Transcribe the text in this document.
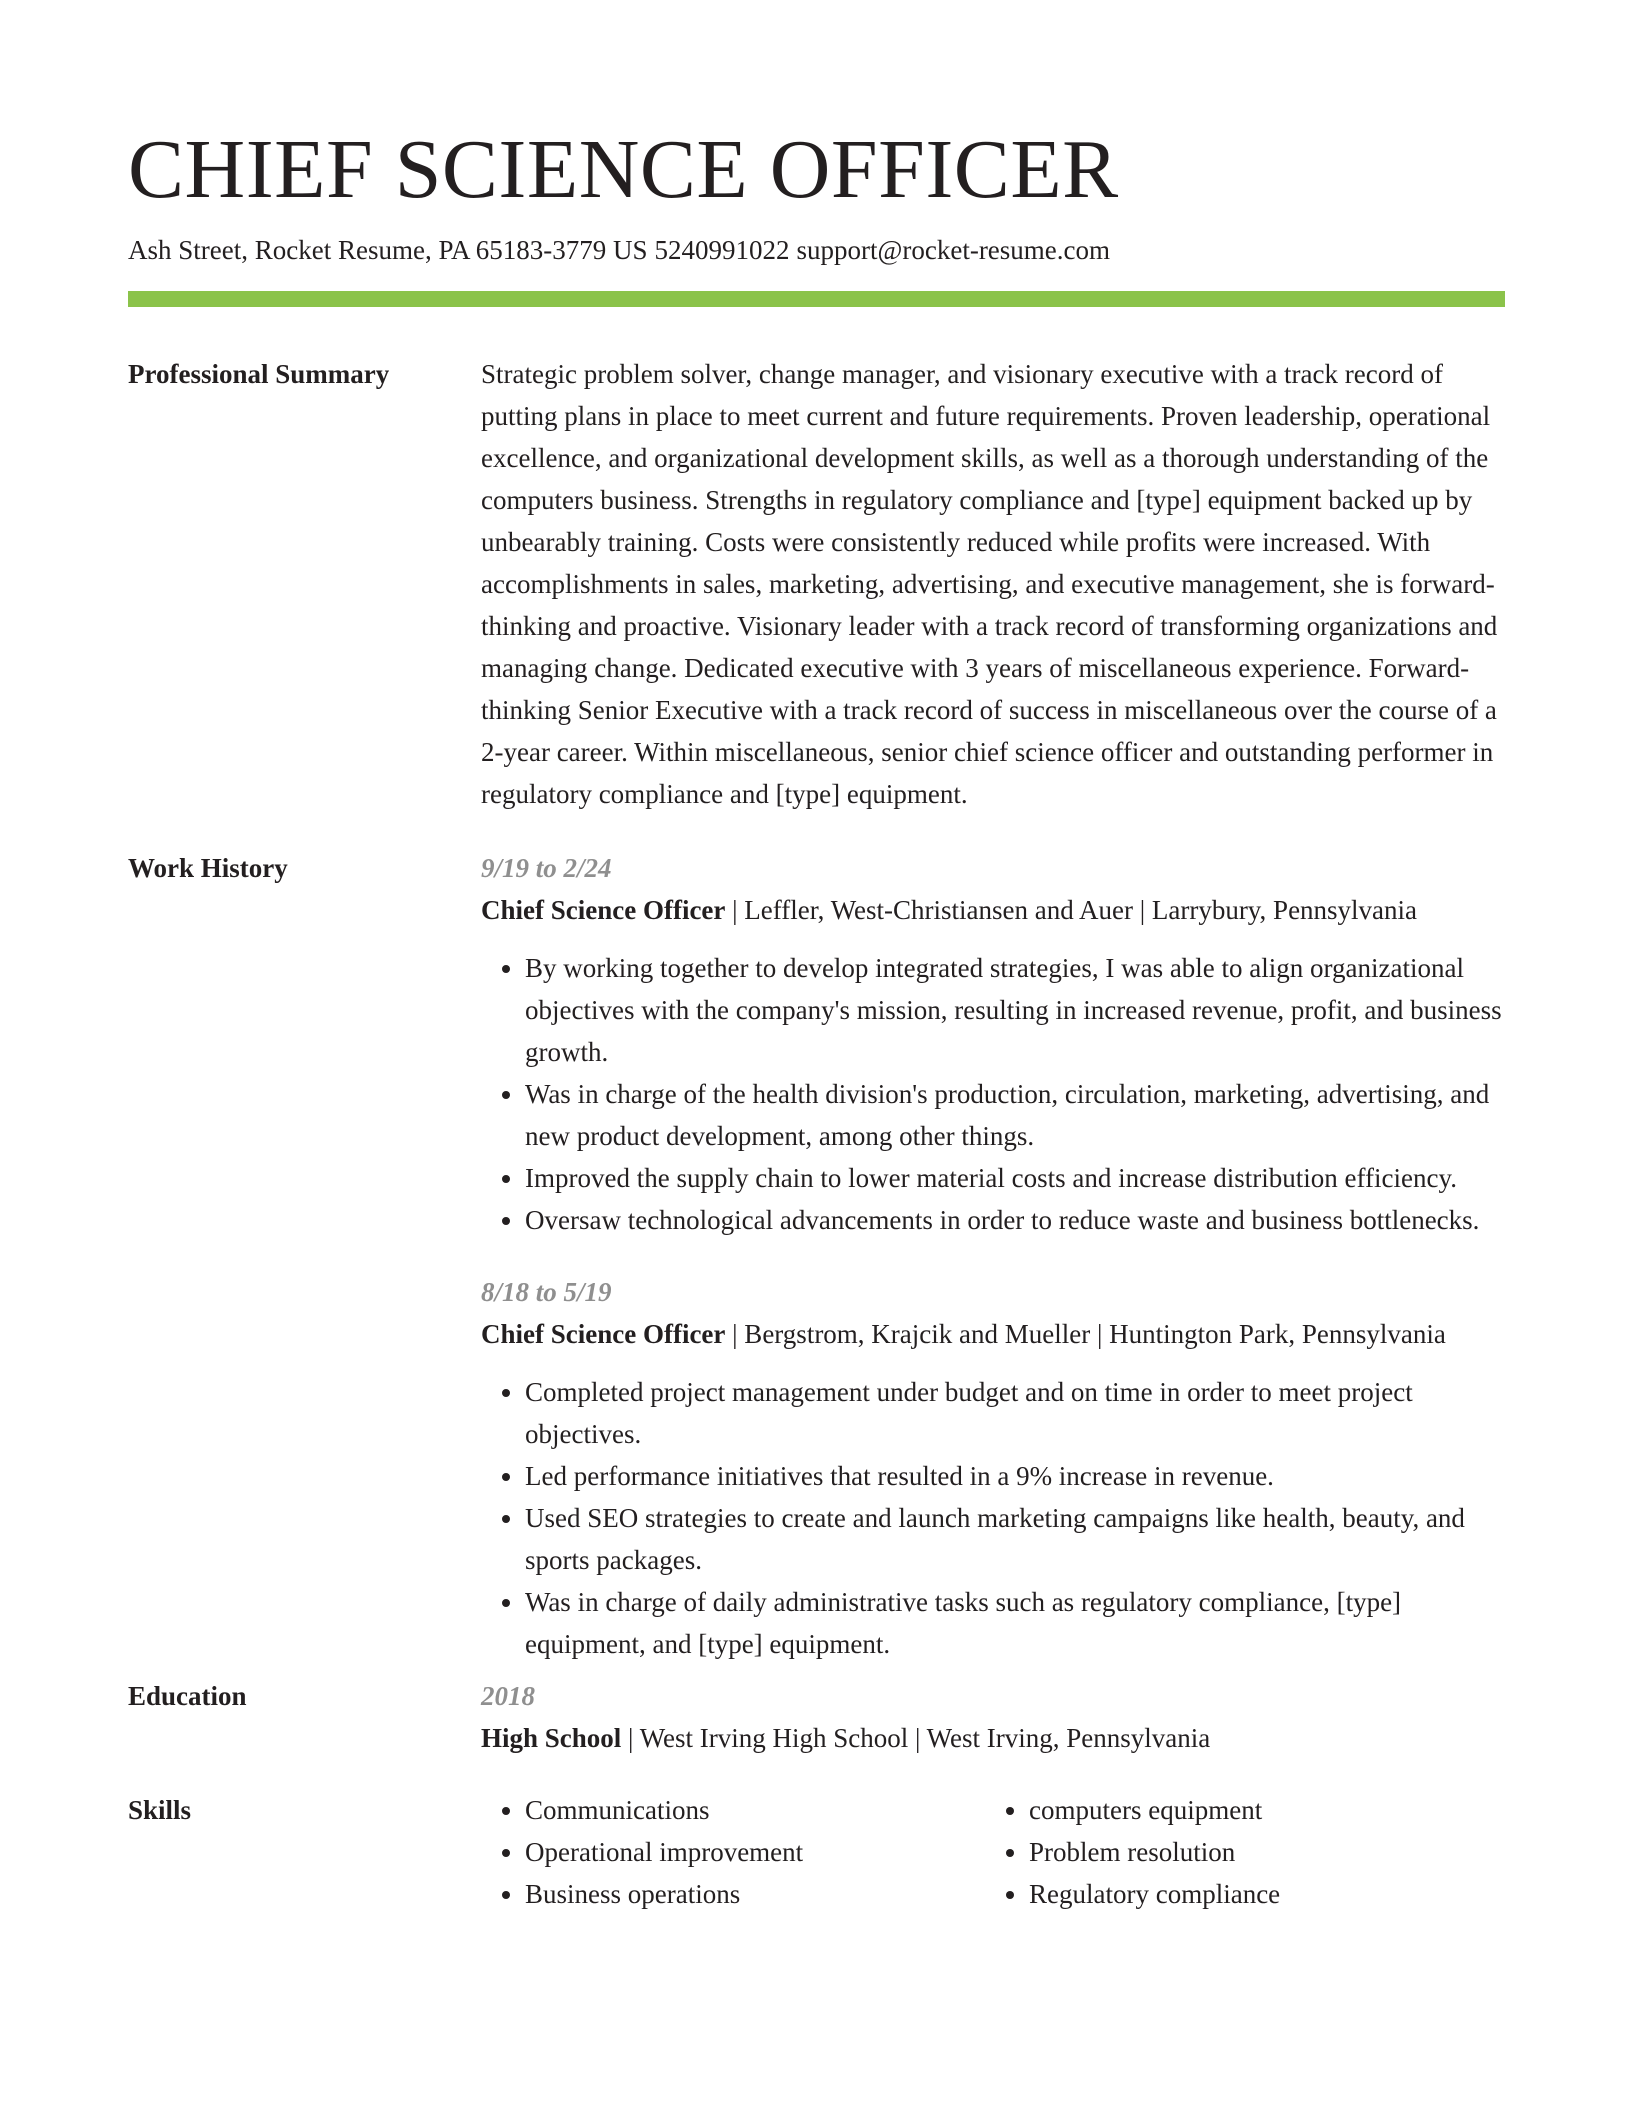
CHIEF SCIENCE OFFICER
Ash Street, Rocket Resume, PA 65183-3779 US 5240991022 support@rocket-resume.com
Professional Summary	Strategic problem solver, change manager, and visionary executive with a track record of putting plans in place to meet current and future requirements. Proven leadership, operational excellence, and organizational development skills, as well as a thorough understanding of the computers business. Strengths in regulatory compliance and [type] equipment backed up by unbearably training. Costs were consistently reduced while profits were increased. With accomplishments in sales, marketing, advertising, and executive management, she is forward-thinking and proactive. Visionary leader with a track record of transforming organizations and managing change. Dedicated executive with 3 years of miscellaneous experience. Forward-thinking Senior Executive with a track record of success in miscellaneous over the course of a 2-year career. Within miscellaneous, senior chief science officer and outstanding performer in regulatory compliance and [type] equipment.
Work History	9/19 to 2/24
Chief Science Officer | Leffler, West-Christiansen and Auer | Larrybury, Pennsylvania
• By working together to develop integrated strategies, I was able to align organizational objectives with the company's mission, resulting in increased revenue, profit, and business growth.
• Was in charge of the health division's production, circulation, marketing, advertising, and new product development, among other things.
• Improved the supply chain to lower material costs and increase distribution efficiency.
• Oversaw technological advancements in order to reduce waste and business bottlenecks.
8/18 to 5/19
Chief Science Officer | Bergstrom, Krajcik and Mueller | Huntington Park, Pennsylvania
• Completed project management under budget and on time in order to meet project objectives.
• Led performance initiatives that resulted in a 9% increase in revenue.
• Used SEO strategies to create and launch marketing campaigns like health, beauty, and sports packages.
• Was in charge of daily administrative tasks such as regulatory compliance, [type] equipment, and [type] equipment.
Education	2018
High School | West Irving High School | West Irving, Pennsylvania
Skills
•	Communications
• Operational improvement
• Business operations
• computers equipment
• Problem resolution
• Regulatory compliance
